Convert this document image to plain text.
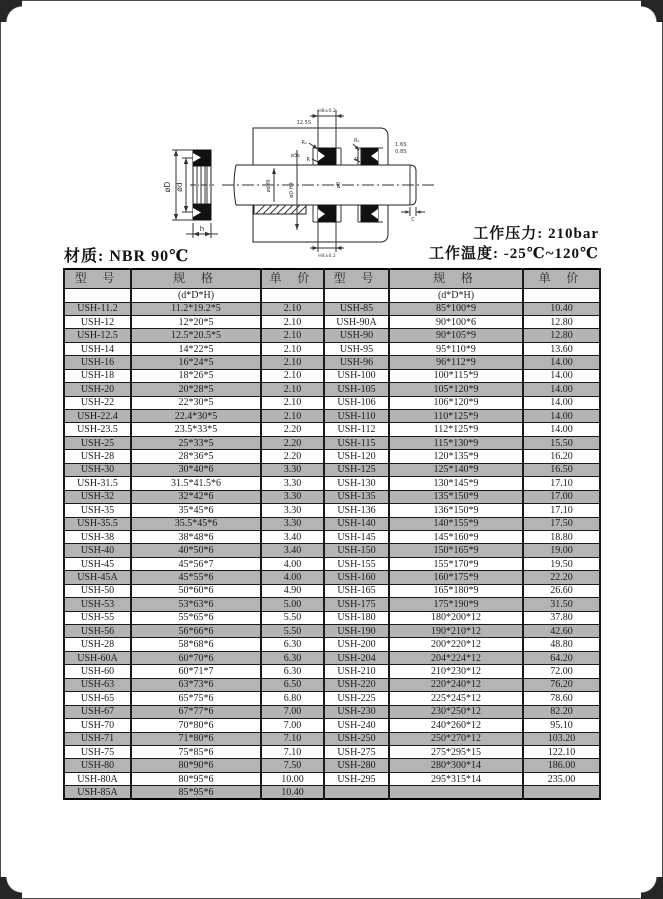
øD ød
h
H8±0.2
12.5S
R₁	R₁
R	R
ø3s
1.6S
0.8S
ød f9	øD H9	øB
H4±0.2
C
材质: NBR 90℃
工作压力: 210bar
工作温度: -25℃~120℃
型 号	规 格	单 价	型 号	规 格	单 价
	(d*D*H)			(d*D*H)	
USH-11.2	11.2*19.2*5	2.10	USH-85	85*100*9	10.40
USH-12	12*20*5	2.10	USH-90A	90*100*6	12.80
USH-12.5	12.5*20.5*5	2.10	USH-90	90*105*9	12.80
USH-14	14*22*5	2.10	USH-95	95*110*9	13.60
USH-16	16*24*5	2.10	USH-96	96*112*9	14.00
USH-18	18*26*5	2.10	USH-100	100*115*9	14.00
USH-20	20*28*5	2.10	USH-105	105*120*9	14.00
USH-22	22*30*5	2.10	USH-106	106*120*9	14.00
USH-22.4	22.4*30*5	2.10	USH-110	110*125*9	14.00
USH-23.5	23.5*33*5	2.20	USH-112	112*125*9	14.00
USH-25	25*33*5	2.20	USH-115	115*130*9	15.50
USH-28	28*36*5	2.20	USH-120	120*135*9	16.20
USH-30	30*40*6	3.30	USH-125	125*140*9	16.50
USH-31.5	31.5*41.5*6	3.30	USH-130	130*145*9	17.10
USH-32	32*42*6	3.30	USH-135	135*150*9	17.00
USH-35	35*45*6	3.30	USH-136	136*150*9	17.10
USH-35.5	35.5*45*6	3.30	USH-140	140*155*9	17.50
USH-38	38*48*6	3.40	USH-145	145*160*9	18.80
USH-40	40*50*6	3.40	USH-150	150*165*9	19.00
USH-45	45*56*7	4.00	USH-155	155*170*9	19.50
USH-45A	45*55*6	4.00	USH-160	160*175*9	22.20
USH-50	50*60*6	4.90	USH-165	165*180*9	26.60
USH-53	53*63*6	5.00	USH-175	175*190*9	31.50
USH-55	55*65*6	5.50	USH-180	180*200*12	37.80
USH-56	56*66*6	5.50	USH-190	190*210*12	42.60
USH-28	58*68*6	6.30	USH-200	200*220*12	48.80
USH-60A	60*70*6	6.30	USH-204	204*224*12	64.20
USH-60	60*71*7	6.30	USH-210	210*230*12	72.00
USH-63	63*73*6	6.50	USH-220	220*240*12	76.20
USH-65	65*75*6	6.80	USH-225	225*245*12	78.60
USH-67	67*77*6	7.00	USH-230	230*250*12	82.20
USH-70	70*80*6	7.00	USH-240	240*260*12	95.10
USH-71	71*80*6	7.10	USH-250	250*270*12	103.20
USH-75	75*85*6	7.10	USH-275	275*295*15	122.10
USH-80	80*90*6	7.50	USH-280	280*300*14	186.00
USH-80A	80*95*6	10.00	USH-295	295*315*14	235.00
USH-85A	85*95*6	10.40			
